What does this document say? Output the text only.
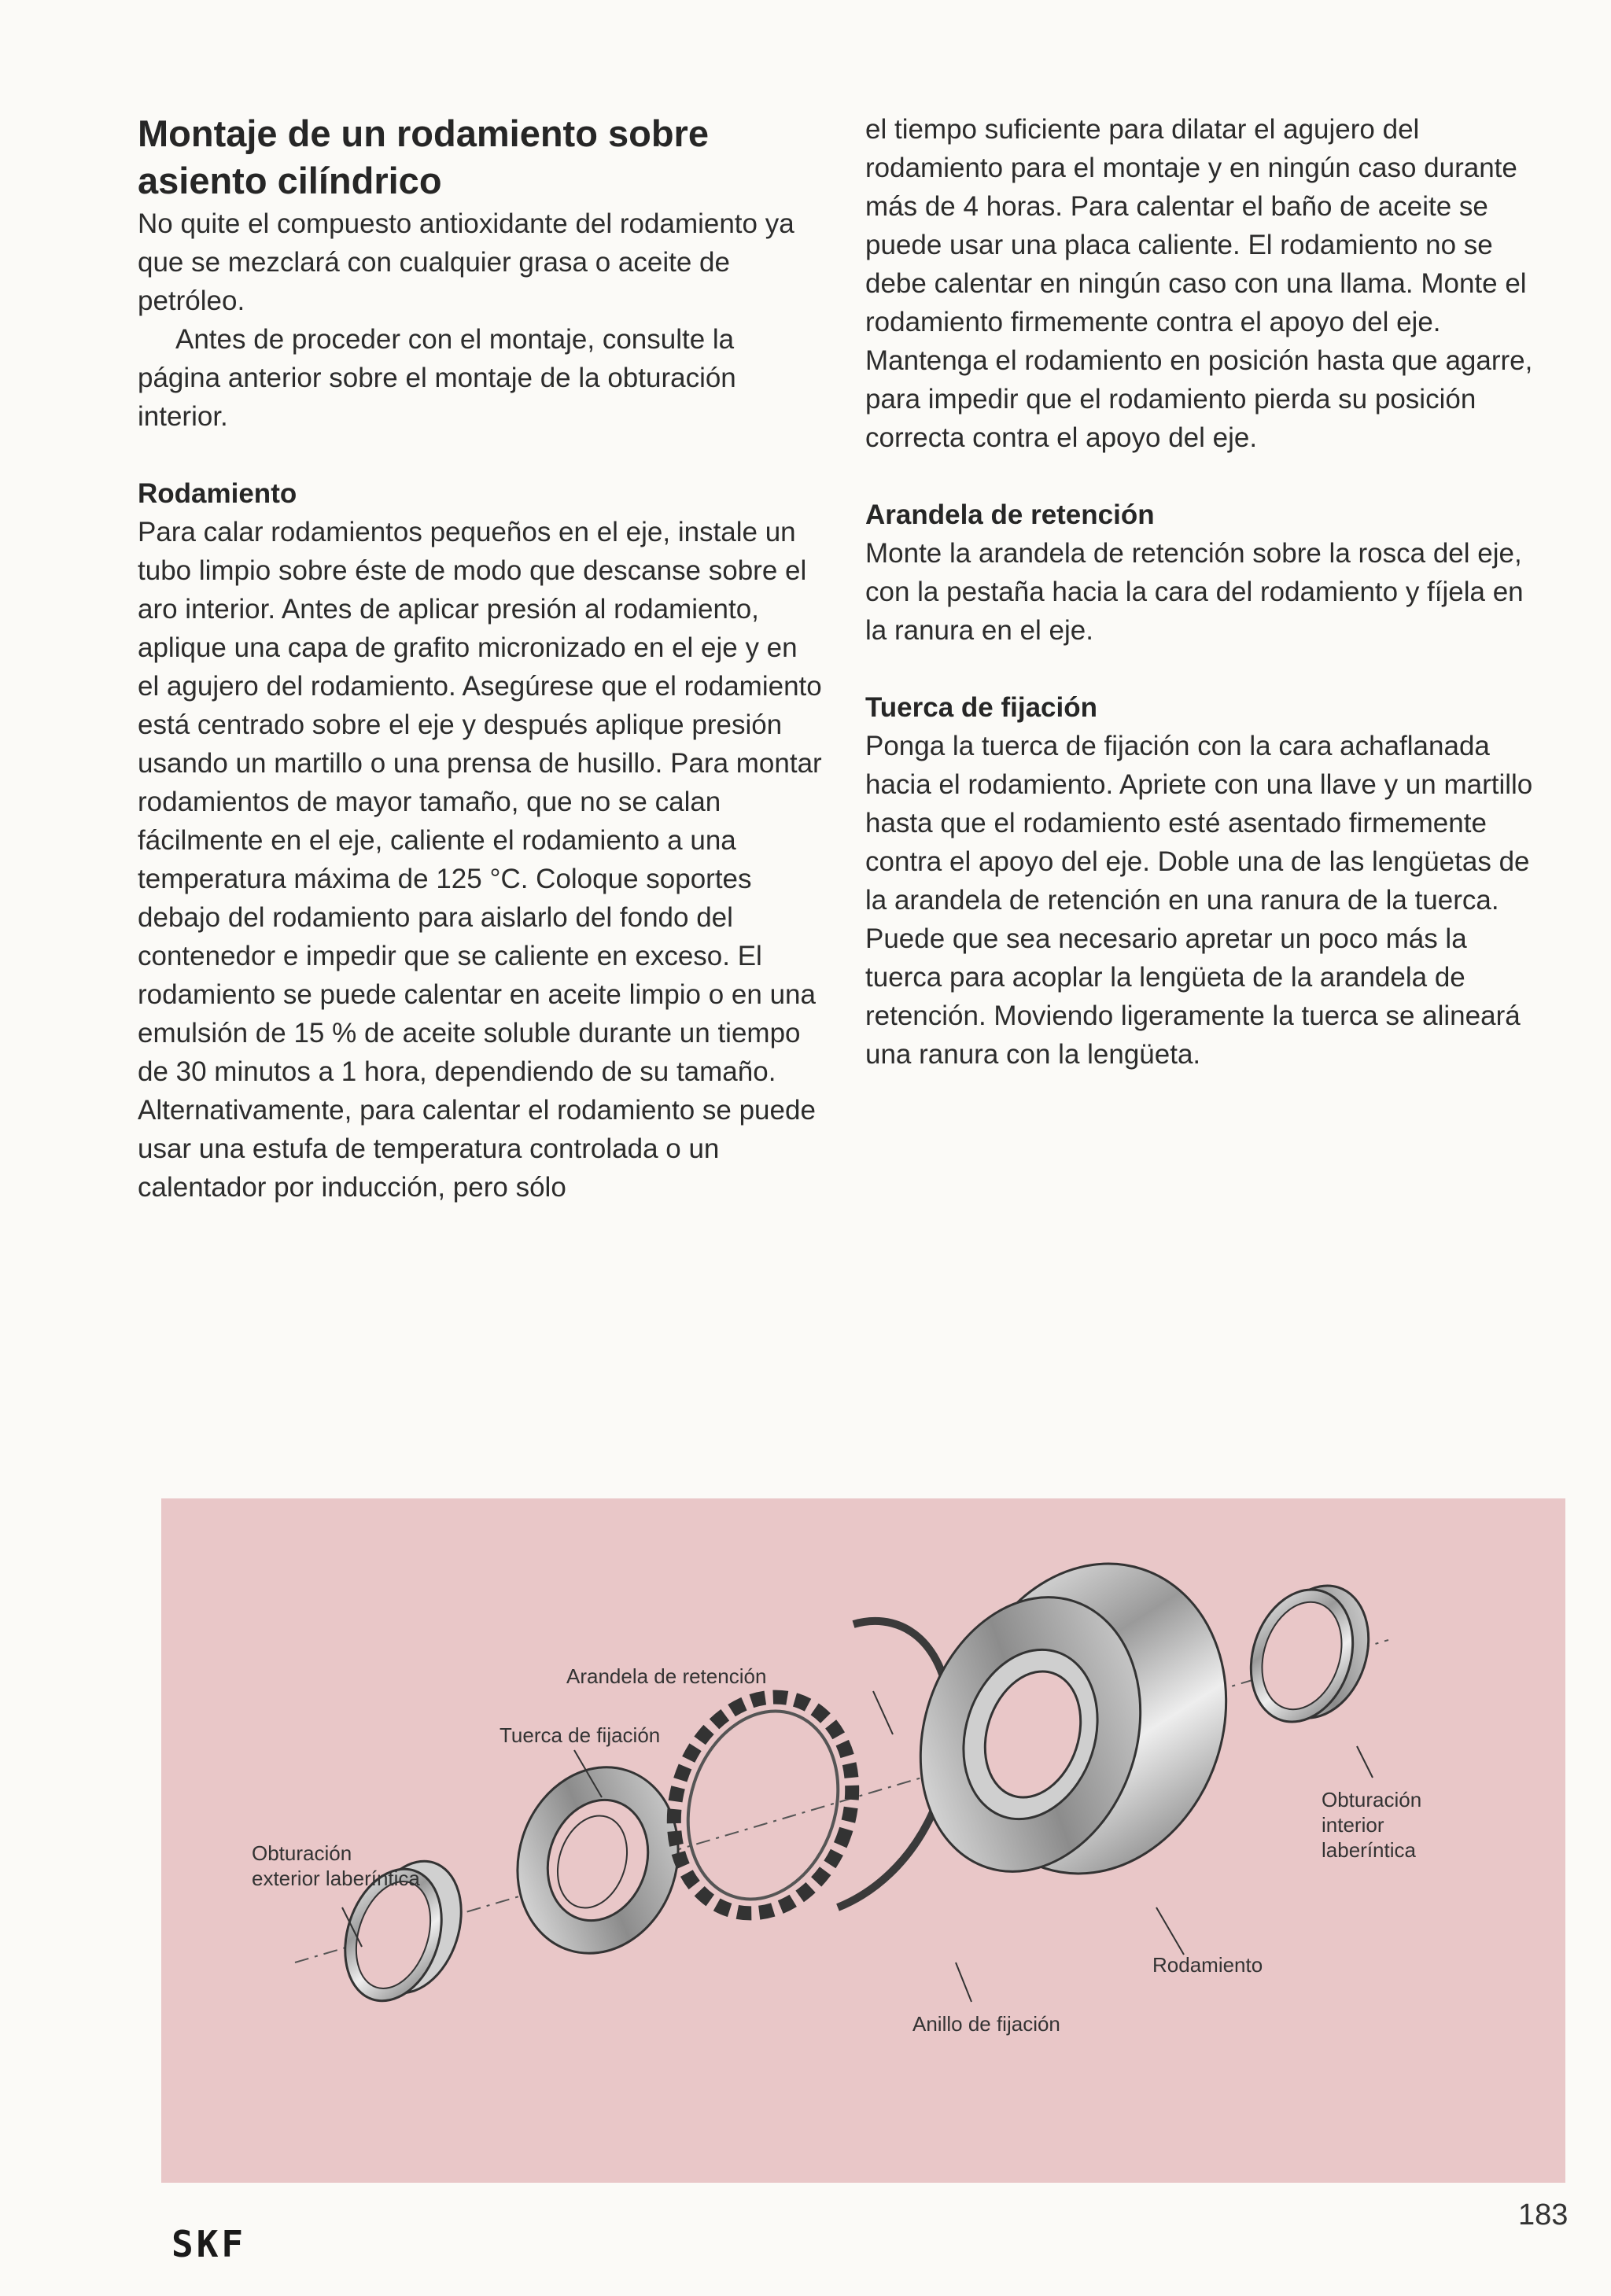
Montaje de un rodamiento sobre asiento cilíndrico

No quite el compuesto antioxidante del rodamiento ya que se mezclará con cualquier grasa o aceite de petróleo.

Antes de proceder con el montaje, consulte la página anterior sobre el montaje de la obturación interior.

Rodamiento

Para calar rodamientos pequeños en el eje, instale un tubo limpio sobre éste de modo que descanse sobre el aro interior. Antes de aplicar presión al rodamiento, aplique una capa de grafito micronizado en el eje y en el agujero del rodamiento. Asegúrese que el rodamiento está centrado sobre el eje y después aplique presión usando un martillo o una prensa de husillo. Para montar rodamientos de mayor tamaño, que no se calan fácilmente en el eje, caliente el rodamiento a una temperatura máxima de 125 °C. Coloque soportes debajo del rodamiento para aislarlo del fondo del contenedor e impedir que se caliente en exceso. El rodamiento se puede calentar en aceite limpio o en una emulsión de 15 % de aceite soluble durante un tiempo de 30 minutos a 1 hora, dependiendo de su tamaño. Alternativamente, para calentar el rodamiento se puede usar una estufa de temperatura controlada o un calentador por inducción, pero sólo

el tiempo suficiente para dilatar el agujero del rodamiento para el montaje y en ningún caso durante más de 4 horas. Para calentar el baño de aceite se puede usar una placa caliente. El rodamiento no se debe calentar en ningún caso con una llama. Monte el rodamiento firmemente contra el apoyo del eje. Mantenga el rodamiento en posición hasta que agarre, para impedir que el rodamiento pierda su posición correcta contra el apoyo del eje.

Arandela de retención

Monte la arandela de retención sobre la rosca del eje, con la pestaña hacia la cara del rodamiento y fíjela en la ranura en el eje.

Tuerca de fijación

Ponga la tuerca de fijación con la cara achaflanada hacia el rodamiento. Apriete con una llave y un martillo hasta que el rodamiento esté asentado firmemente contra el apoyo del eje. Doble una de las lengüetas de la arandela de retención en una ranura de la tuerca. Puede que sea necesario apretar un poco más la tuerca para acoplar la lengüeta de la arandela de retención. Moviendo ligeramente la tuerca se alineará una ranura con la lengüeta.

Arandela de retención
Tuerca de fijación
Obturación
exterior laberíntica
Obturación
interior
laberíntica
Rodamiento
Anillo de fijación
SKF
183
